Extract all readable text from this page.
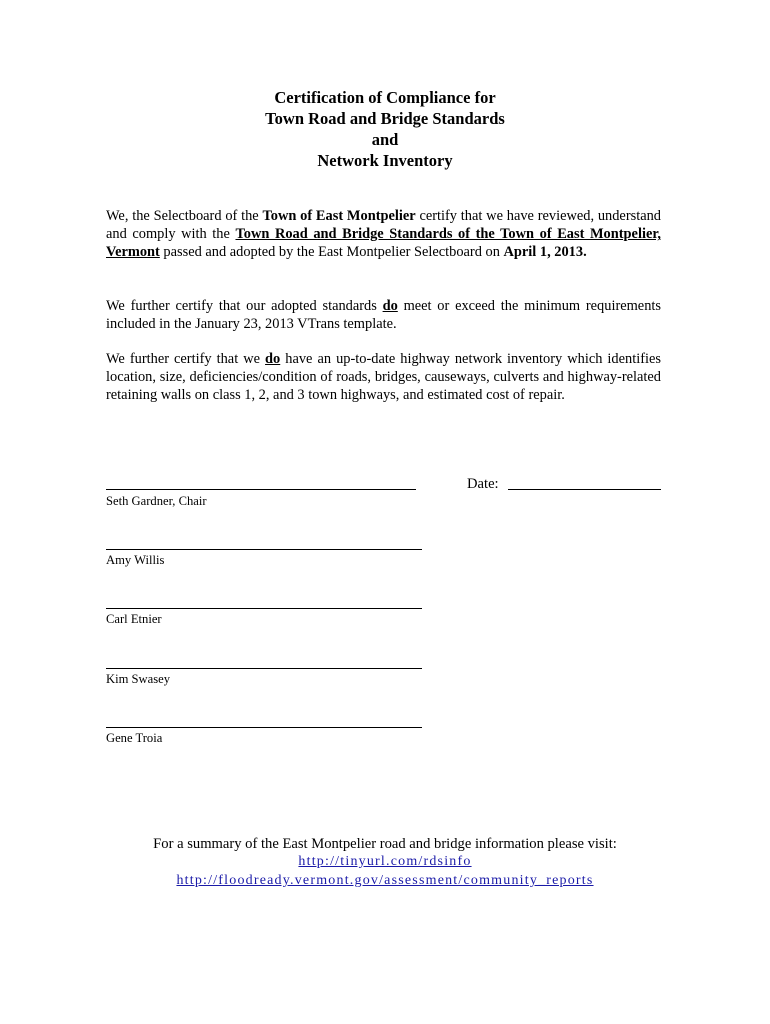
Certification of Compliance for
Town Road and Bridge Standards
and
Network Inventory
We, the Selectboard of the Town of East Montpelier certify that we have reviewed, understand and comply with the Town Road and Bridge Standards of the Town of East Montpelier, Vermont passed and adopted by the East Montpelier Selectboard on April 1, 2013.
We further certify that our adopted standards do meet or exceed the minimum requirements included in the January 23, 2013 VTrans template.
We further certify that we do have an up-to-date highway network inventory which identifies location, size, deficiencies/condition of roads, bridges, causeways, culverts and highway-related retaining walls on class 1, 2, and 3 town highways, and estimated cost of repair.
Seth Gardner, Chair
Date:
Amy Willis
Carl Etnier
Kim Swasey
Gene Troia
For a summary of the East Montpelier road and bridge information please visit:
http://tinyurl.com/rdsinfo
http://floodready.vermont.gov/assessment/community_reports
